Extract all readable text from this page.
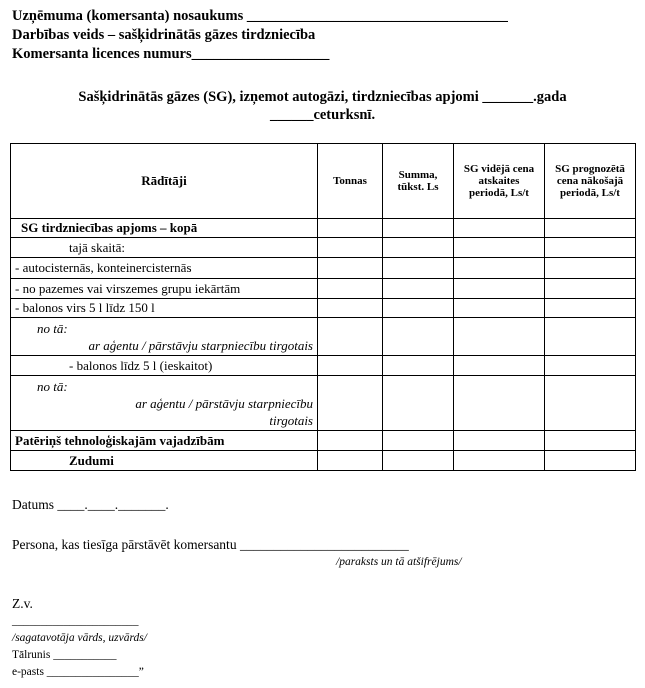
Uzņēmuma (komersanta) nosaukums ____________________________________
Darbības veids – sašķidrinātās gāzes tirdzniecība
Komersanta licences numurs___________________
Sašķidrinātās gāzes (SG), izņemot autogāzi, tirdzniecības apjomi _______.gada
______ceturksnī.
Rādītāji	Tonnas	Summa, tūkst. Ls	SG vidējā cena atskaites periodā, Ls/t	SG prognozētā cena nākošajā periodā, Ls/t
SG tirdzniecības apjoms – kopā				
tajā skaitā:				
- autocisternās, konteinercisternās				
- no pazemes vai virszemes grupu iekārtām				
- balonos virs 5 l līdz 150 l				

no tā:
ar aģentu / pārstāvju starpniecību tirgotais				

- balonos līdz 5 l (ieskaitot)				

no tā:
ar aģentu / pārstāvju starpniecību
tirgotais				

Patēriņš tehnoloģiskajām vajadzībām				
Zudumi				
Datums ____.____._______.
Persona, kas tiesīga pārstāvēt komersantu _________________________
/paraksts un tā atšifrējums/
Z.v.
______________________
/sagatavotāja vārds, uzvārds/
Tālrunis ___________
e-pasts ________________”
